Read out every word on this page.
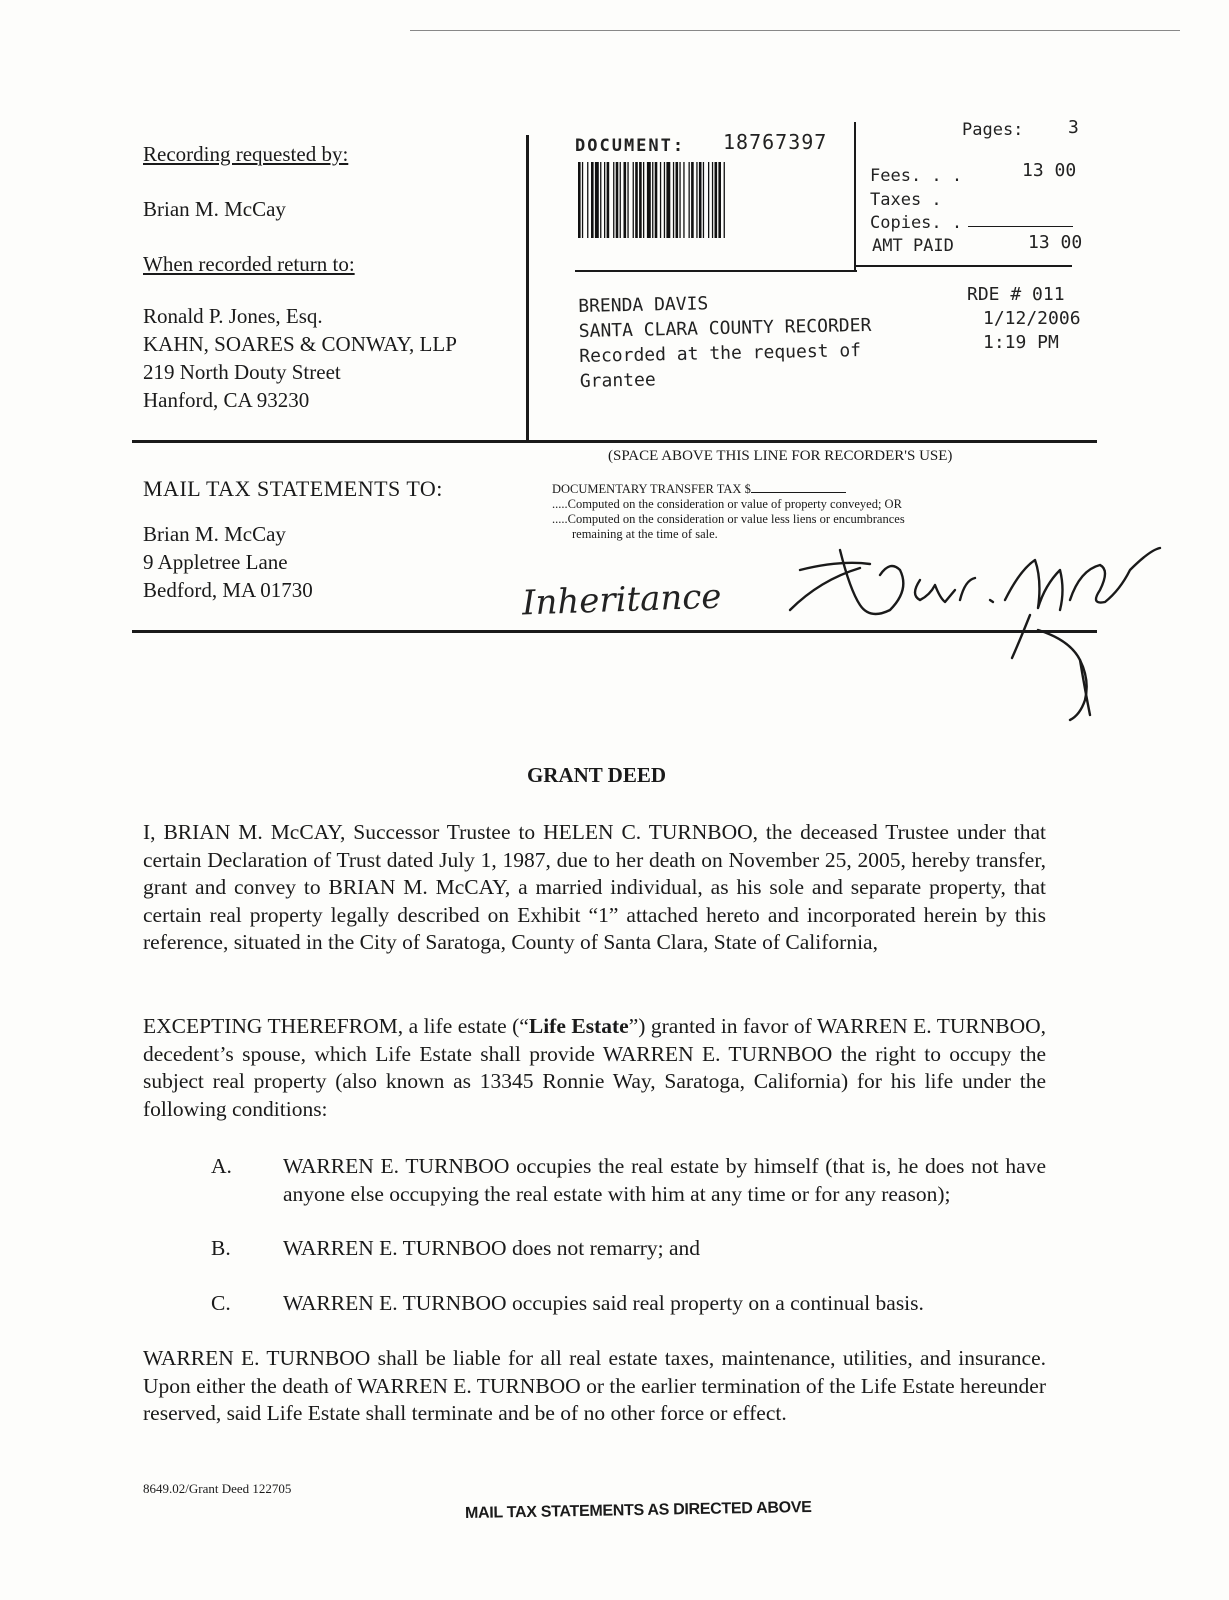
Recording requested by:
Brian M. McCay
When recorded return to:
Ronald P. Jones, Esq.
KAHN, SOARES & CONWAY, LLP
219 North Douty Street
Hanford, CA 93230
DOCUMENT: 18767397	Pages: 3
Fees. . .	13 00
Taxes .
Copies. .
AMT PAID	13 00
BRENDA DAVIS
SANTA CLARA COUNTY RECORDER
Recorded at the request of
Grantee
RDE # 011
1/12/2006
1:19 PM
(SPACE ABOVE THIS LINE FOR RECORDER'S USE)
MAIL TAX STATEMENTS TO:
Brian M. McCay
9 Appletree Lane
Bedford, MA 01730
DOCUMENTARY TRANSFER TAX $
.....Computed on the consideration or value of property conveyed; OR
.....Computed on the consideration or value less liens or encumbrances
remaining at the time of sale.
Inheritance
GRANT DEED
I, BRIAN M. McCAY, Successor Trustee to HELEN C. TURNBOO, the deceased Trustee under that certain Declaration of Trust dated July 1, 1987, due to her death on November 25, 2005, hereby transfer, grant and convey to BRIAN M. McCAY, a married individual, as his sole and separate property, that certain real property legally described on Exhibit “1” attached hereto and incorporated herein by this reference, situated in the City of Saratoga, County of Santa Clara, State of California,
EXCEPTING THEREFROM, a life estate (“Life Estate”) granted in favor of WARREN E. TURNBOO, decedent’s spouse, which Life Estate shall provide WARREN E. TURNBOO the right to occupy the subject real property (also known as 13345 Ronnie Way, Saratoga, California) for his life under the following conditions:
A.	WARREN E. TURNBOO occupies the real estate by himself (that is, he does not have anyone else occupying the real estate with him at any time or for any reason);
B.	WARREN E. TURNBOO does not remarry; and
C.	WARREN E. TURNBOO occupies said real property on a continual basis.
WARREN E. TURNBOO shall be liable for all real estate taxes, maintenance, utilities, and insurance. Upon either the death of WARREN E. TURNBOO or the earlier termination of the Life Estate hereunder reserved, said Life Estate shall terminate and be of no other force or effect.
8649.02/Grant Deed 122705
MAIL TAX STATEMENTS AS DIRECTED ABOVE
